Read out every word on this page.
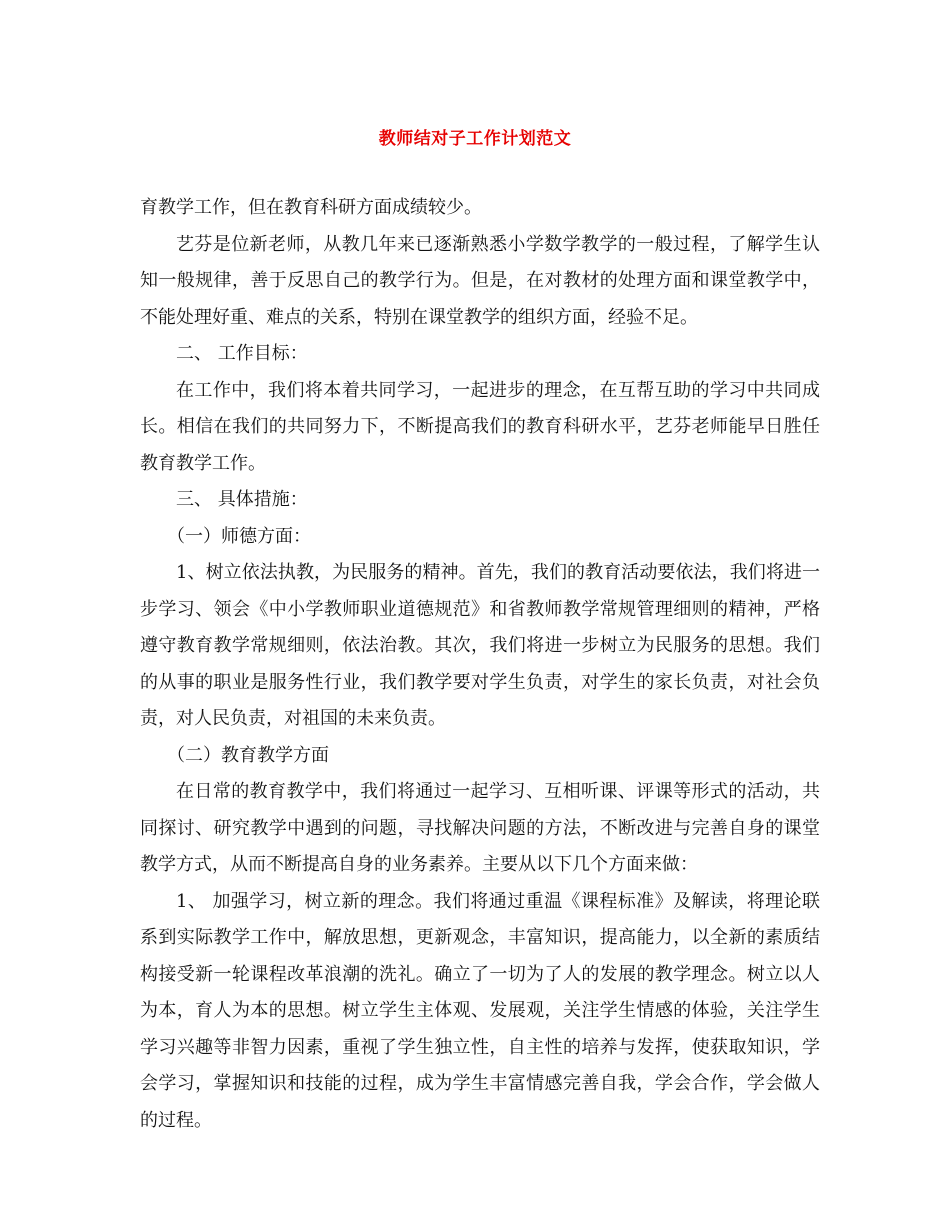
教师结对子工作计划范文

育教学工作，但在教育科研方面成绩较少。

艺芬是位新老师，从教几年来已逐渐熟悉小学数学教学的一般过程，了解学生认知一般规律，善于反思自己的教学行为。但是，在对教材的处理方面和课堂教学中，不能处理好重、难点的关系，特别在课堂教学的组织方面，经验不足。

二、 工作目标：

在工作中，我们将本着共同学习，一起进步的理念，在互帮互助的学习中共同成长。相信在我们的共同努力下，不断提高我们的教育科研水平，艺芬老师能早日胜任教育教学工作。

三、 具体措施：

（一）师德方面：

1、树立依法执教，为民服务的精神。首先，我们的教育活动要依法，我们将进一步学习、领会《中小学教师职业道德规范》和省教师教学常规管理细则的精神，严格遵守教育教学常规细则，依法治教。其次，我们将进一步树立为民服务的思想。我们的从事的职业是服务性行业，我们教学要对学生负责，对学生的家长负责，对社会负责，对人民负责，对祖国的未来负责。

（二）教育教学方面

在日常的教育教学中，我们将通过一起学习、互相听课、评课等形式的活动，共同探讨、研究教学中遇到的问题，寻找解决问题的方法，不断改进与完善自身的课堂教学方式，从而不断提高自身的业务素养。主要从以下几个方面来做：

1、 加强学习，树立新的理念。我们将通过重温《课程标准》及解读，将理论联系到实际教学工作中，解放思想，更新观念，丰富知识，提高能力，以全新的素质结构接受新一轮课程改革浪潮的洗礼。确立了一切为了人的发展的教学理念。树立以人为本，育人为本的思想。树立学生主体观、发展观，关注学生情感的体验，关注学生学习兴趣等非智力因素，重视了学生独立性，自主性的培养与发挥，使获取知识，学会学习，掌握知识和技能的过程，成为学生丰富情感完善自我，学会合作，学会做人的过程。
